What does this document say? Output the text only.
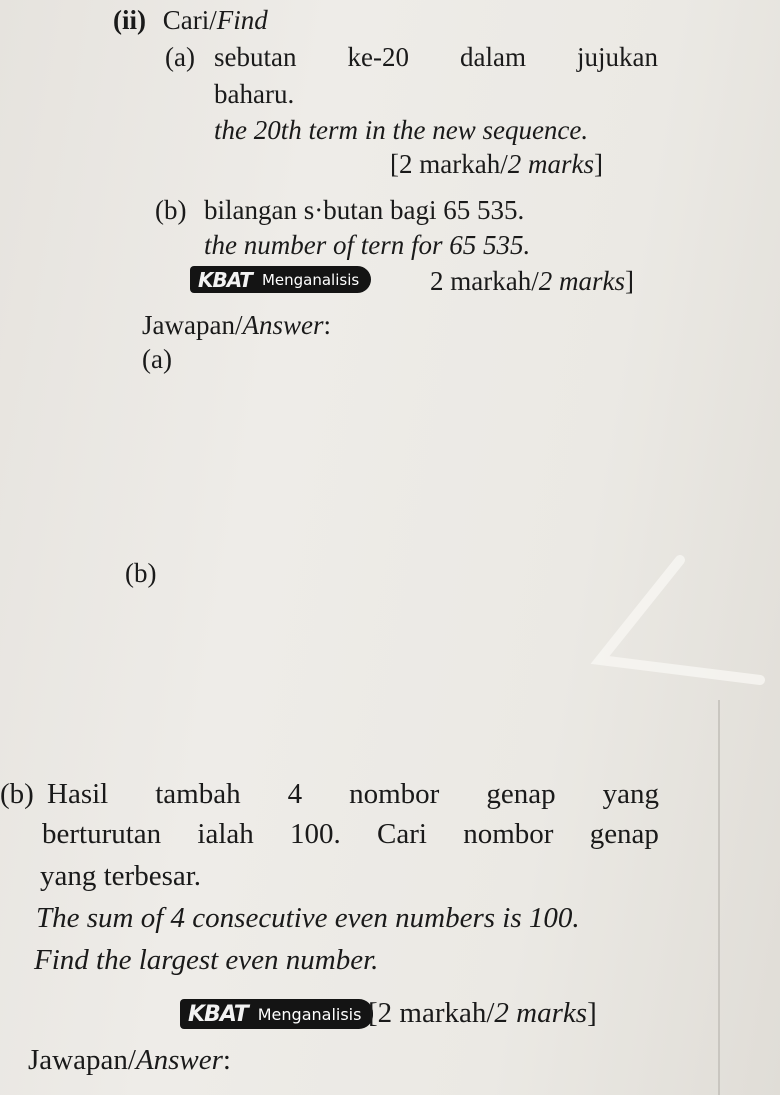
(ii) Cari/Find
(a) sebutan ke-20 dalam jujukan
baharu.
the 20th term in the new sequence.
[2 markah/2 marks]
(b) bilangan s·butan bagi 65 535.
the number of tern for 65 535.
KBAT Menganalisis	2 markah/2 marks]
Jawapan/Answer:
(a)
(b)
(b) Hasil tambah 4 nombor genap yang
berturutan ialah 100. Cari nombor genap
yang terbesar.
The sum of 4 consecutive even numbers is 100.
Find the largest even number.
KBAT Menganalisis [2 markah/2 marks]
Jawapan/Answer:
